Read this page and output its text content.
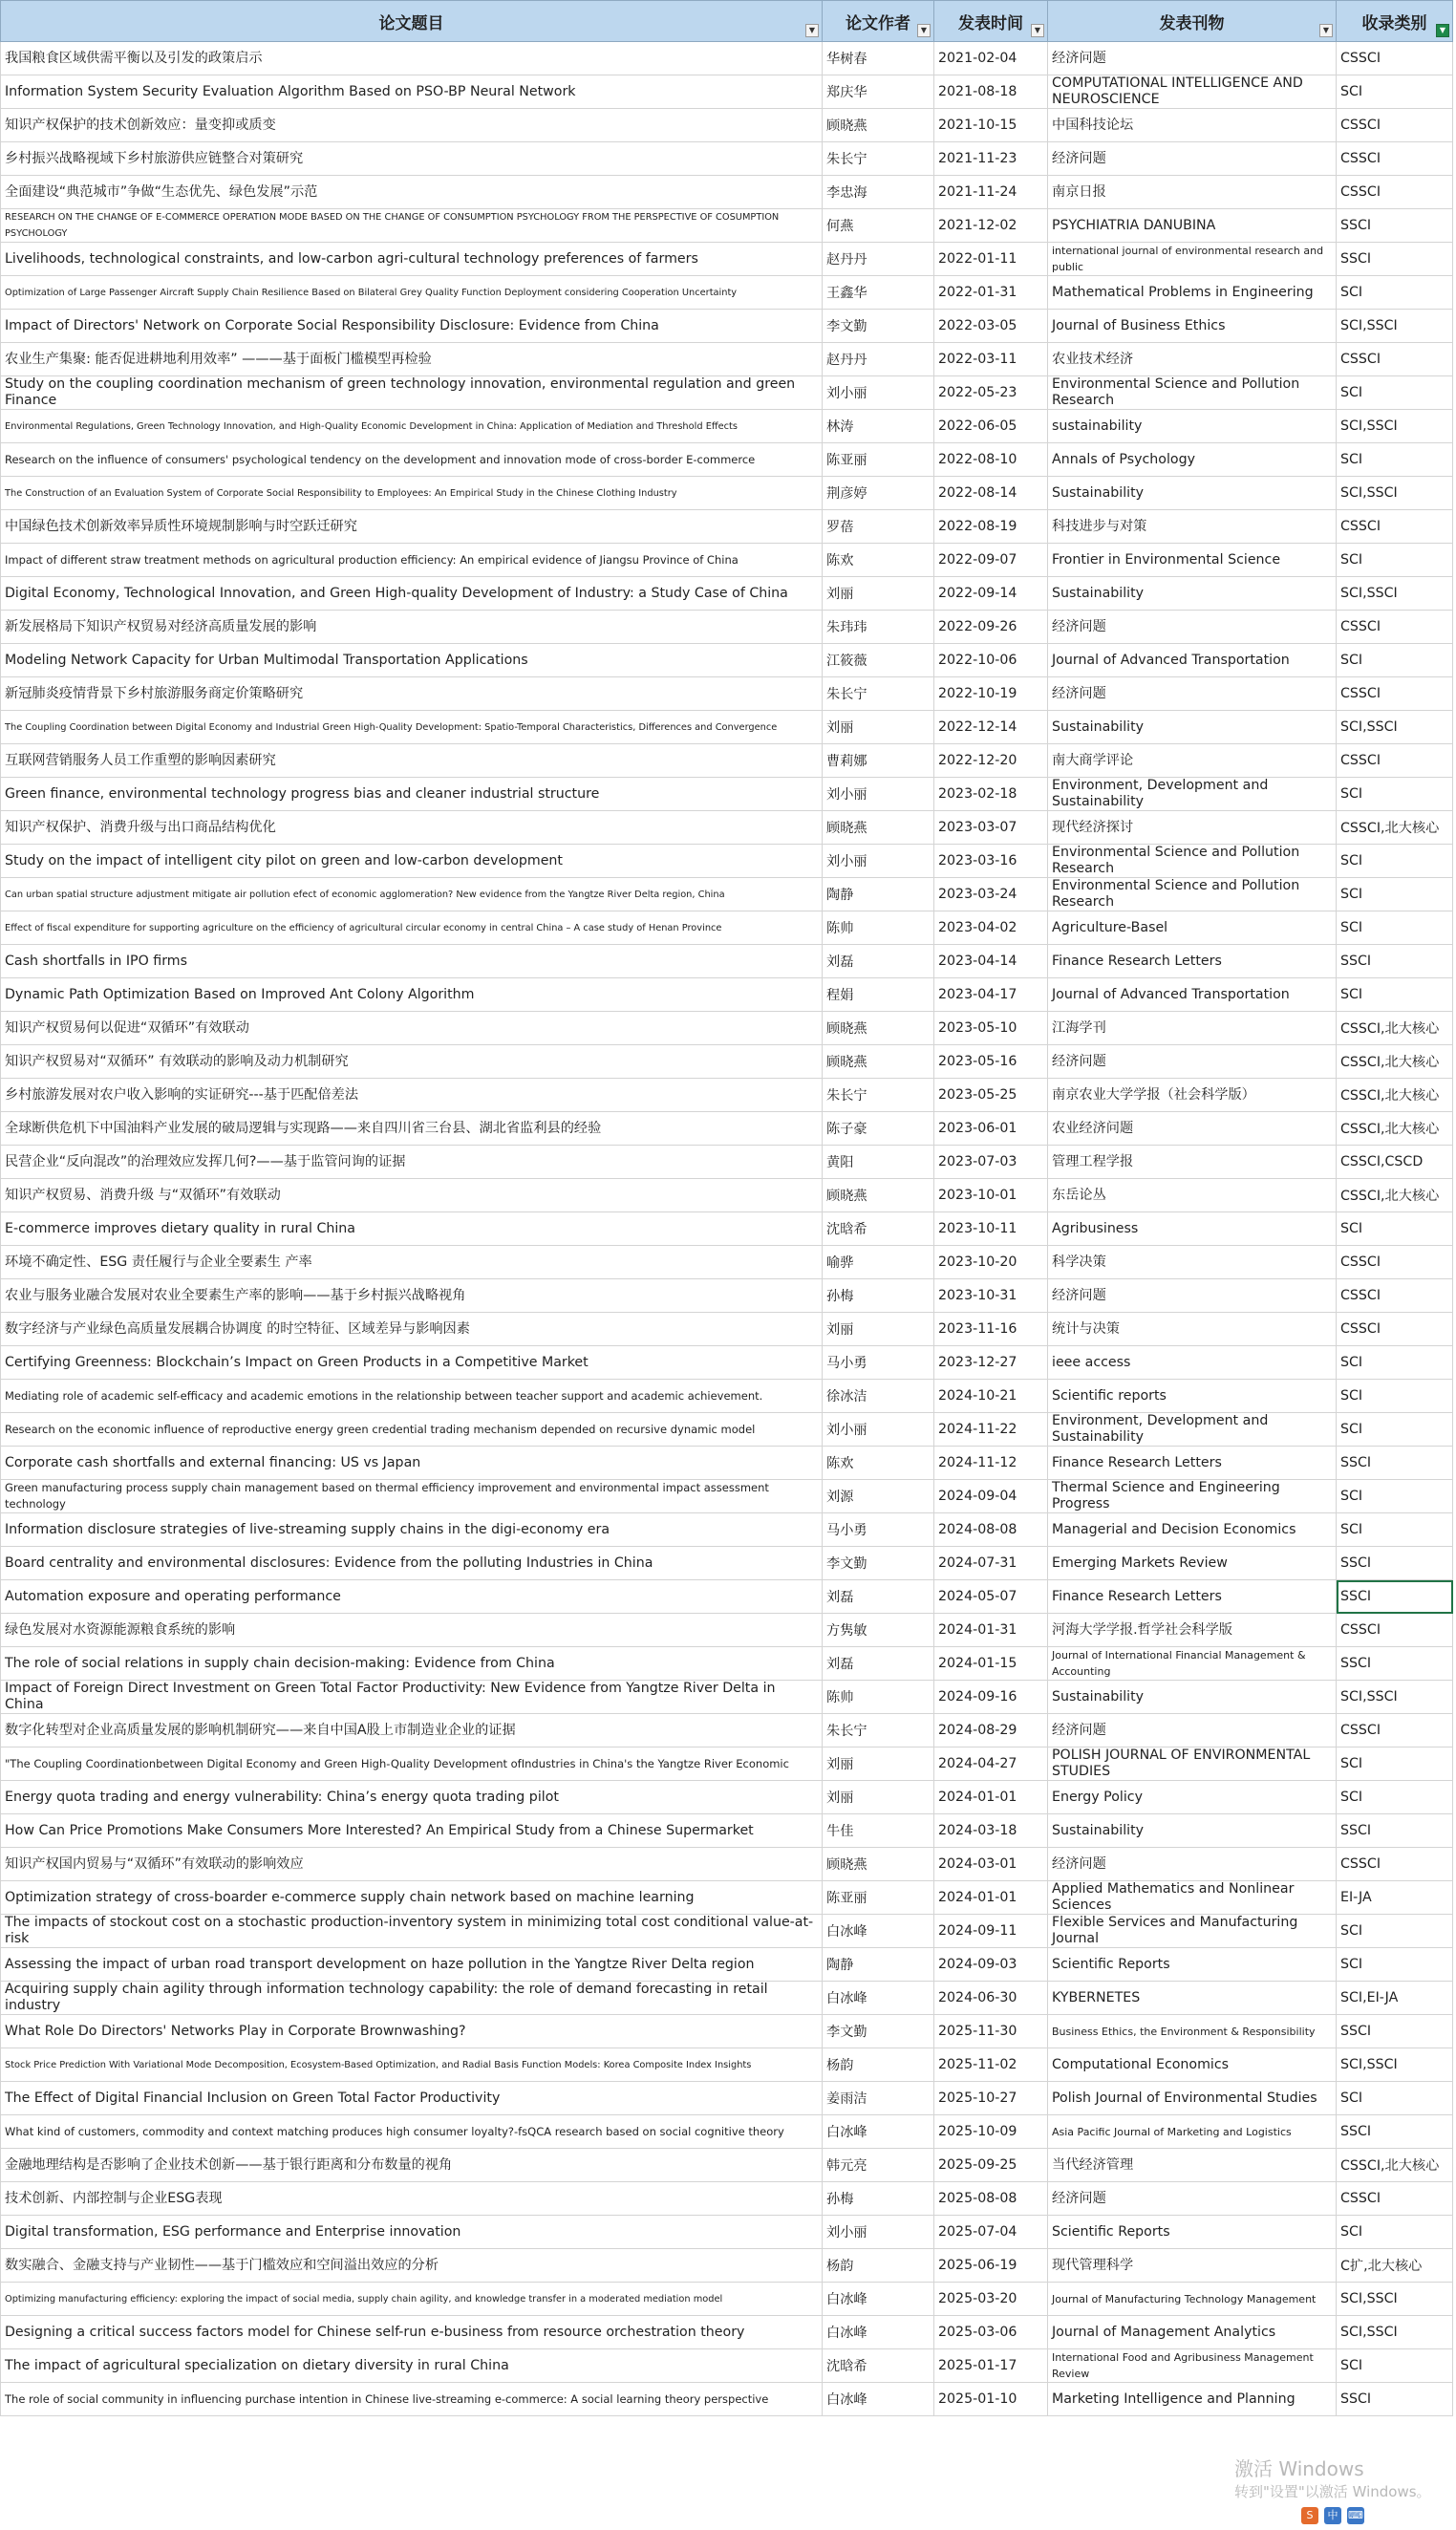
论文题目 ▼	论文作者 ▼	发表时间 ▼	发表刊物 ▼	收录类别 ▼

我国粮食区域供需平衡以及引发的政策启示	华树春	2021-02-04	经济问题	CSSCI
Information System Security Evaluation Algorithm Based on PSO-BP Neural Network	郑庆华	2021-08-18	COMPUTATIONAL INTELLIGENCE AND NEUROSCIENCE	SCI
知识产权保护的技术创新效应：量变抑或质变	顾晓燕	2021-10-15	中国科技论坛	CSSCI
乡村振兴战略视域下乡村旅游供应链整合对策研究	朱长宁	2021-11-23	经济问题	CSSCI
全面建设“典范城市”争做“生态优先、绿色发展”示范	李忠海	2021-11-24	南京日报	CSSCI
RESEARCH ON THE CHANGE OF E-COMMERCE OPERATION MODE BASED ON THE CHANGE OF CONSUMPTION PSYCHOLOGY FROM THE PERSPECTIVE OF COSUMPTION PSYCHOLOGY	何燕	2021-12-02	PSYCHIATRIA DANUBINA	SSCI
Livelihoods, technological constraints, and low-carbon agri-cultural technology preferences of farmers	赵丹丹	2022-01-11	international journal of environmental research and public	SSCI
Optimization of Large Passenger Aircraft Supply Chain Resilience Based on Bilateral Grey Quality Function Deployment considering Cooperation Uncertainty	王鑫华	2022-01-31	Mathematical Problems in Engineering	SCI
Impact of Directors' Network on Corporate Social Responsibility Disclosure: Evidence from China	李文勤	2022-03-05	Journal of Business Ethics	SCI,SSCI
农业生产集聚: 能否促进耕地利用效率” ———基于面板门槛模型再检验	赵丹丹	2022-03-11	农业技术经济	CSSCI
Study on the coupling coordination mechanism of green technology innovation, environmental regulation and green Finance	刘小丽	2022-05-23	Environmental Science and Pollution Research	SCI
Environmental Regulations, Green Technology Innovation, and High-Quality Economic Development in China: Application of Mediation and Threshold Effects	林涛	2022-06-05	sustainability	SCI,SSCI
Research on the influence of consumers' psychological tendency on the development and innovation mode of cross-border E-commerce	陈亚丽	2022-08-10	Annals of Psychology	SCI
The Construction of an Evaluation System of Corporate Social Responsibility to Employees: An Empirical Study in the Chinese Clothing Industry	荆彦婷	2022-08-14	Sustainability	SCI,SSCI
中国绿色技术创新效率异质性环境规制影响与时空跃迁研究	罗蓓	2022-08-19	科技进步与对策	CSSCI
Impact of different straw treatment methods on agricultural production efficiency: An empirical evidence of Jiangsu Province of China	陈欢	2022-09-07	Frontier in Environmental Science	SCI
Digital Economy, Technological Innovation, and Green High-quality Development of Industry: a Study Case of China	刘丽	2022-09-14	Sustainability	SCI,SSCI
新发展格局下知识产权贸易对经济高质量发展的影响	朱玮玮	2022-09-26	经济问题	CSSCI
Modeling Network Capacity for Urban Multimodal Transportation Applications	江筱薇	2022-10-06	Journal of Advanced Transportation	SCI
新冠肺炎疫情背景下乡村旅游服务商定价策略研究	朱长宁	2022-10-19	经济问题	CSSCI
The Coupling Coordination between Digital Economy and Industrial Green High-Quality Development: Spatio-Temporal Characteristics, Differences and Convergence	刘丽	2022-12-14	Sustainability	SCI,SSCI
互联网营销服务人员工作重塑的影响因素研究	曹莉娜	2022-12-20	南大商学评论	CSSCI
Green finance, environmental technology progress bias and cleaner industrial structure	刘小丽	2023-02-18	Environment, Development and Sustainability	SCI
知识产权保护、消费升级与出口商品结构优化	顾晓燕	2023-03-07	现代经济探讨	CSSCI,北大核心
Study on the impact of intelligent city pilot on green and low-carbon development	刘小丽	2023-03-16	Environmental Science and Pollution Research	SCI
Can urban spatial structure adjustment mitigate air pollution efect of economic agglomeration? New evidence from the Yangtze River Delta region, China	陶静	2023-03-24	Environmental Science and Pollution Research	SCI
Effect of fiscal expenditure for supporting agriculture on the efficiency of agricultural circular economy in central China – A case study of Henan Province	陈帅	2023-04-02	Agriculture-Basel	SCI
Cash shortfalls in IPO firms	刘磊	2023-04-14	Finance Research Letters	SSCI
Dynamic Path Optimization Based on Improved Ant Colony Algorithm	程娟	2023-04-17	Journal of Advanced Transportation	SCI
知识产权贸易何以促进“双循环”有效联动	顾晓燕	2023-05-10	江海学刊	CSSCI,北大核心
知识产权贸易对“双循环” 有效联动的影响及动力机制研究	顾晓燕	2023-05-16	经济问题	CSSCI,北大核心
乡村旅游发展对农户收入影响的实证研究---基于匹配倍差法	朱长宁	2023-05-25	南京农业大学学报（社会科学版）	CSSCI,北大核心
全球断供危机下中国油料产业发展的破局逻辑与实现路——来自四川省三台县、湖北省监利县的经验	陈子豪	2023-06-01	农业经济问题	CSSCI,北大核心
民营企业“反向混改”的治理效应发挥几何?——基于监管问询的证据	黄阳	2023-07-03	管理工程学报	CSSCI,CSCD
知识产权贸易、消费升级 与“双循环”有效联动	顾晓燕	2023-10-01	东岳论丛	CSSCI,北大核心
E-commerce improves dietary quality in rural China	沈晗希	2023-10-11	Agribusiness	SCI
环境不确定性、ESG 责任履行与企业全要素生 产率	喻骅	2023-10-20	科学决策	CSSCI
农业与服务业融合发展对农业全要素生产率的影响——基于乡村振兴战略视角	孙梅	2023-10-31	经济问题	CSSCI
数字经济与产业绿色高质量发展耦合协调度 的时空特征、区域差异与影响因素	刘丽	2023-11-16	统计与决策	CSSCI
Certifying Greenness: Blockchain’s Impact on Green Products in a Competitive Market	马小勇	2023-12-27	ieee access	SCI
Mediating role of academic self-efficacy and academic emotions in the relationship between teacher support and academic achievement.	徐冰洁	2024-10-21	Scientific reports	SCI
Research on the economic influence of reproductive energy green credential trading mechanism depended on recursive dynamic model	刘小丽	2024-11-22	Environment, Development and Sustainability	SCI
Corporate cash shortfalls and external financing: US vs Japan	陈欢	2024-11-12	Finance Research Letters	SSCI
Green manufacturing process supply chain management based on thermal efficiency improvement and environmental impact assessment technology	刘源	2024-09-04	Thermal Science and Engineering Progress	SCI
Information disclosure strategies of live-streaming supply chains in the digi-economy era	马小勇	2024-08-08	Managerial and Decision Economics	SCI
Board centrality and environmental disclosures: Evidence from the polluting Industries in China	李文勤	2024-07-31	Emerging Markets Review	SSCI
Automation exposure and operating performance	刘磊	2024-05-07	Finance Research Letters	SSCI
绿色发展对水资源能源粮食系统的影响	方隽敏	2024-01-31	河海大学学报.哲学社会科学版	CSSCI
The role of social relations in supply chain decision-making: Evidence from China	刘磊	2024-01-15	Journal of International Financial Management & Accounting	SSCI
Impact of Foreign Direct Investment on Green Total Factor Productivity: New Evidence from Yangtze River Delta in China	陈帅	2024-09-16	Sustainability	SCI,SSCI
数字化转型对企业高质量发展的影响机制研究——来自中国A股上市制造业企业的证据	朱长宁	2024-08-29	经济问题	CSSCI
"The Coupling Coordinationbetween Digital Economy and Green High-Quality Development ofIndustries in China's the Yangtze River Economic	刘丽	2024-04-27	POLISH JOURNAL OF ENVIRONMENTAL STUDIES	SCI
Energy quota trading and energy vulnerability: China’s energy quota trading pilot	刘丽	2024-01-01	Energy Policy	SCI
How Can Price Promotions Make Consumers More Interested? An Empirical Study from a Chinese Supermarket	牛佳	2024-03-18	Sustainability	SSCI
知识产权国内贸易与“双循环”有效联动的影响效应	顾晓燕	2024-03-01	经济问题	CSSCI
Optimization strategy of cross-boarder e-commerce supply chain network based on machine learning	陈亚丽	2024-01-01	Applied Mathematics and Nonlinear Sciences	EI-JA
The impacts of stockout cost on a stochastic production-inventory system in minimizing total cost conditional value-at-risk	白冰峰	2024-09-11	Flexible Services and Manufacturing Journal	SCI
Assessing the impact of urban road transport development on haze pollution in the Yangtze River Delta region	陶静	2024-09-03	Scientific Reports	SCI
Acquiring supply chain agility through information technology capability: the role of demand forecasting in retail industry	白冰峰	2024-06-30	KYBERNETES	SCI,EI-JA
What Role Do Directors' Networks Play in Corporate Brownwashing?	李文勤	2025-11-30	Business Ethics, the Environment & Responsibility	SSCI
Stock Price Prediction With Variational Mode Decomposition, Ecosystem-Based Optimization, and Radial Basis Function Models: Korea Composite Index Insights	杨韵	2025-11-02	Computational Economics	SCI,SSCI
The Effect of Digital Financial Inclusion on Green Total Factor Productivity	姜雨洁	2025-10-27	Polish Journal of Environmental Studies	SCI
What kind of customers, commodity and context matching produces high consumer loyalty?-fsQCA research based on social cognitive theory	白冰峰	2025-10-09	Asia Pacific Journal of Marketing and Logistics	SSCI
金融地理结构是否影响了企业技术创新——基于银行距离和分布数量的视角	韩元亮	2025-09-25	当代经济管理	CSSCI,北大核心
技术创新、内部控制与企业ESG表现	孙梅	2025-08-08	经济问题	CSSCI
Digital transformation, ESG performance and Enterprise innovation	刘小丽	2025-07-04	Scientific Reports	SCI
数实融合、金融支持与产业韧性——基于门槛效应和空间溢出效应的分析	杨韵	2025-06-19	现代管理科学	C扩,北大核心
Optimizing manufacturing efficiency: exploring the impact of social media, supply chain agility, and knowledge transfer in a moderated mediation model	白冰峰	2025-03-20	Journal of Manufacturing Technology Management	SCI,SSCI
Designing a critical success factors model for Chinese self-run e-business from resource orchestration theory	白冰峰	2025-03-06	Journal of Management Analytics	SCI,SSCI
The impact of agricultural specialization on dietary diversity in rural China	沈晗希	2025-01-17	International Food and Agribusiness Management Review	SCI
The role of social community in influencing purchase intention in Chinese live-streaming e-commerce: A social learning theory perspective	白冰峰	2025-01-10	Marketing Intelligence and Planning	SSCI
激活 Windows
转到"设置"以激活 Windows。
S	中 ⌨
